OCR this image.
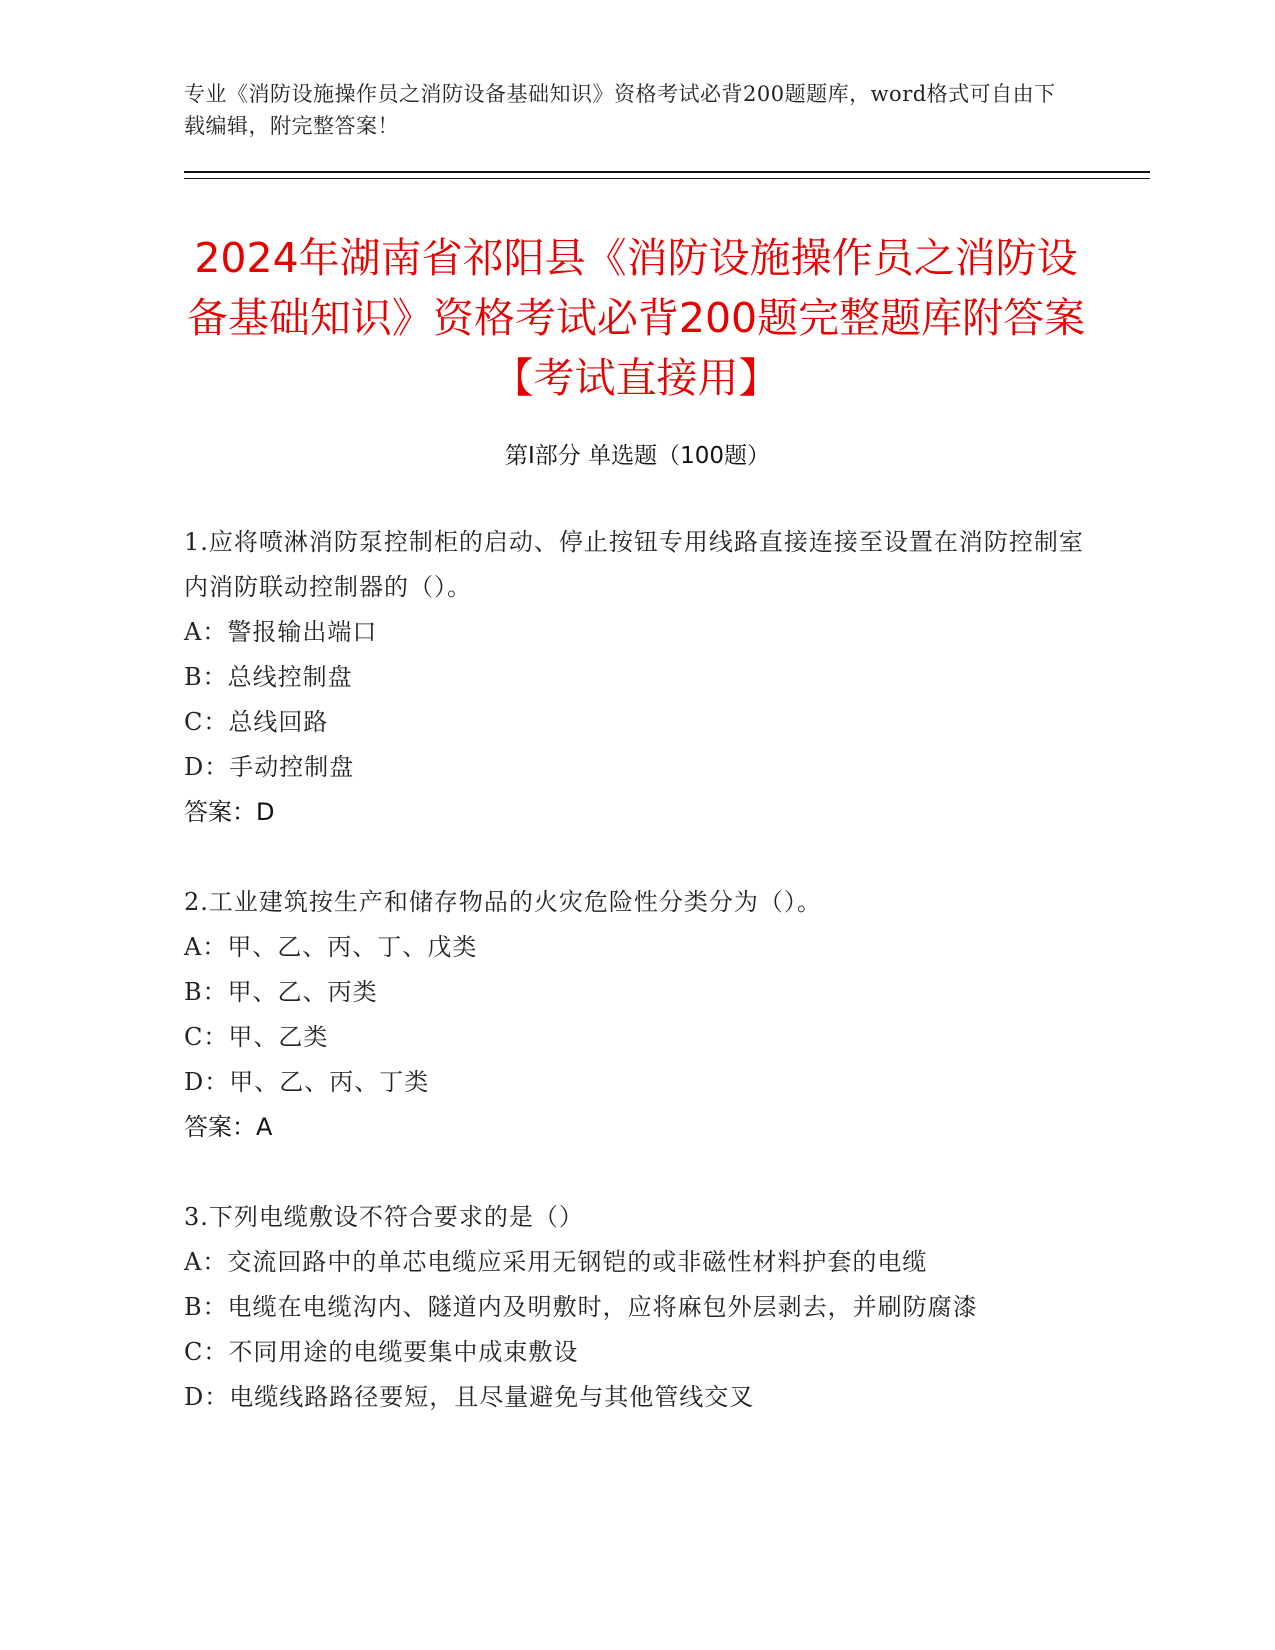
专业《消防设施操作员之消防设备基础知识》资格考试必背200题题库，word格式可自由下载编辑，附完整答案！
2024年湖南省祁阳县《消防设施操作员之消防设备基础知识》资格考试必背200题完整题库附答案【考试直接用】
第I部分 单选题（100题）
1.应将喷淋消防泵控制柜的启动、停止按钮专用线路直接连接至设置在消防控制室内消防联动控制器的（）。
A：警报输出端口
B：总线控制盘
C：总线回路
D：手动控制盘
答案：D
2.工业建筑按生产和储存物品的火灾危险性分类分为（）。
A：甲、乙、丙、丁、戊类
B：甲、乙、丙类
C：甲、乙类
D：甲、乙、丙、丁类
答案：A
3.下列电缆敷设不符合要求的是（）
A：交流回路中的单芯电缆应采用无钢铠的或非磁性材料护套的电缆
B：电缆在电缆沟内、隧道内及明敷时，应将麻包外层剥去，并刷防腐漆
C：不同用途的电缆要集中成束敷设
D：电缆线路路径要短，且尽量避免与其他管线交叉
